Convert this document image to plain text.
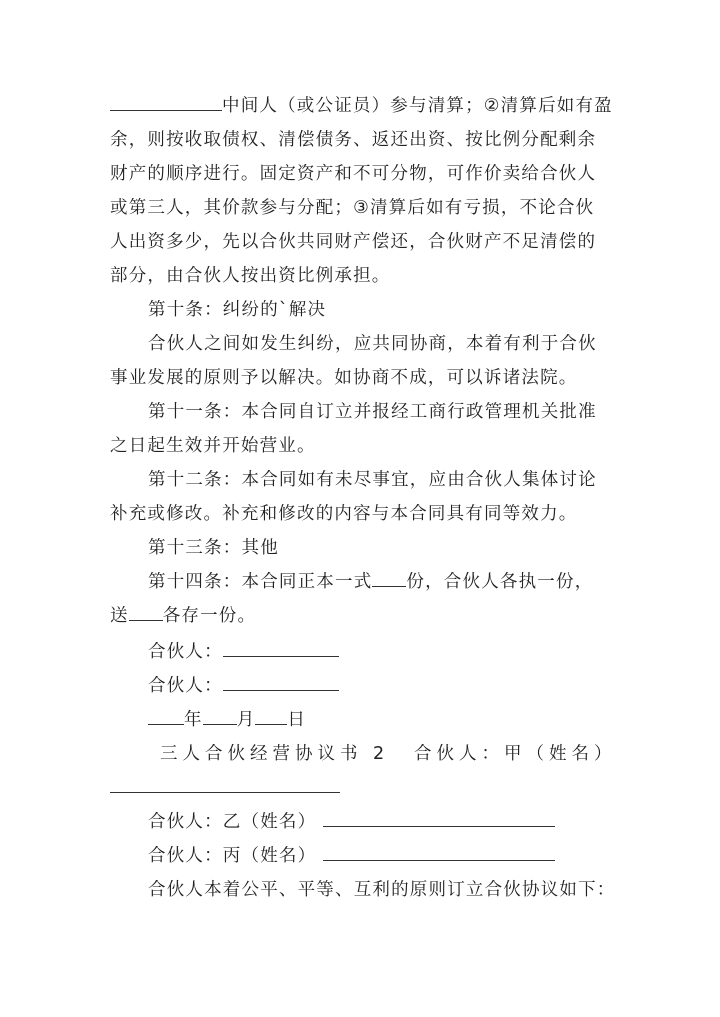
中间人（或公证员）参与清算；②清算后如有盈
余，则按收取债权、清偿债务、返还出资、按比例分配剩余
财产的顺序进行。固定资产和不可分物，可作价卖给合伙人
或第三人，其价款参与分配；③清算后如有亏损，不论合伙
人出资多少，先以合伙共同财产偿还，合伙财产不足清偿的
部分，由合伙人按出资比例承担。
第十条：纠纷的`解决
合伙人之间如发生纠纷，应共同协商，本着有利于合伙
事业发展的原则予以解决。如协商不成，可以诉诸法院。
第十一条：本合同自订立并报经工商行政管理机关批准
之日起生效并开始营业。
第十二条：本合同如有未尽事宜，应由合伙人集体讨论
补充或修改。补充和修改的内容与本合同具有同等效力。
第十三条：其他
第十四条：本合同正本一式 份，合伙人各执一份，
送 各存一份。
合伙人：
合伙人：
年 月 日
三人合伙经营协议书 2 合伙人：甲（姓名）
合伙人：乙（姓名）
合伙人：丙（姓名）
合伙人本着公平、平等、互利的原则订立合伙协议如下：
